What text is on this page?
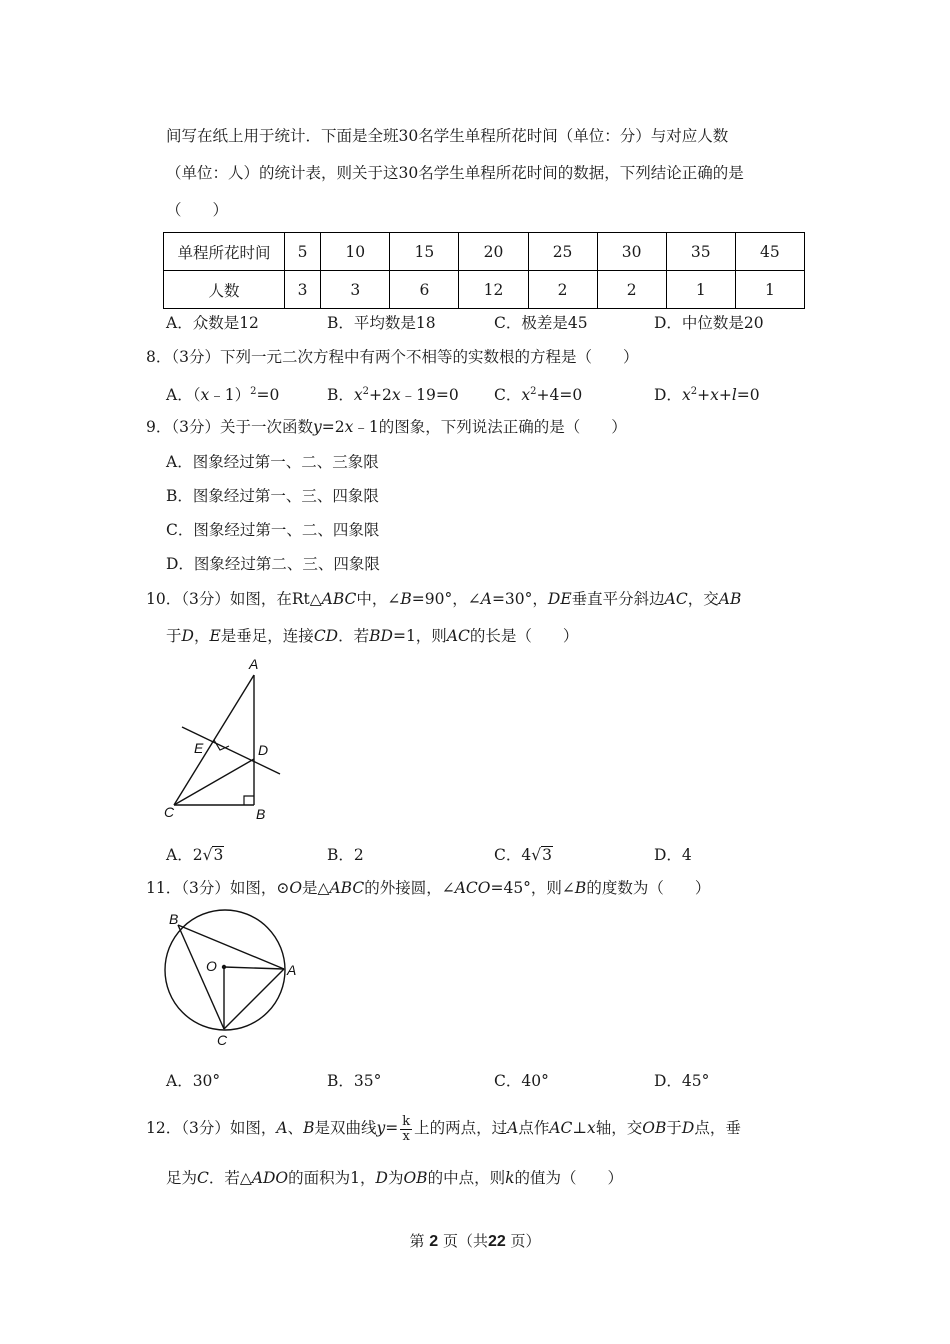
间写在纸上用于统计．下面是全班30名学生单程所花时间（单位：分）与对应人数
（单位：人）的统计表，则关于这30名学生单程所花时间的数据，下列结论正确的是
（　　）
单程所花时间	5	10	15	20	25	30	35	45
人数	3	3	6	12	2	2	1	1
A．众数是12	B．平均数是18	C．极差是45	D．中位数是20
8．（3分）下列一元二次方程中有两个不相等的实数根的方程是（　　）
A．（x﹣1）$^2$=0	B．$x^2+2x﹣19=0$ C．$x^2+4=0$	D．$x^2+x+l=0$
9．（3分）关于一次函数y=2x﹣1的图象，下列说法正确的是（　　）
A．图象经过第一、二、三象限
B．图象经过第一、三、四象限
C．图象经过第一、二、四象限
D．图象经过第二、三、四象限
10．（3分）如图，在Rt△ABC中，∠B=90°，∠A=30°，DE垂直平分斜边AC，交AB
于D，E是垂足，连接CD．若BD=1，则AC的长是（　　）
A
B
C
D
E
A．2√3	B．2	C．4√3	D．4
11．（3分）如图，⊙O是△ABC的外接圆，∠ACO=45°，则∠B的度数为（　　）
B
A
C
O
A．30°	B．35°	C．40°	D．45°
12．（3分）如图，A、B是双曲线$y= \frac{k}{x}$ 上的两点，过A点作AC⊥x轴，交OB于D点，垂
足为C．若△ADO的面积为1，D为OB的中点，则k的值为（　　）
第 2 页（共22 页）
